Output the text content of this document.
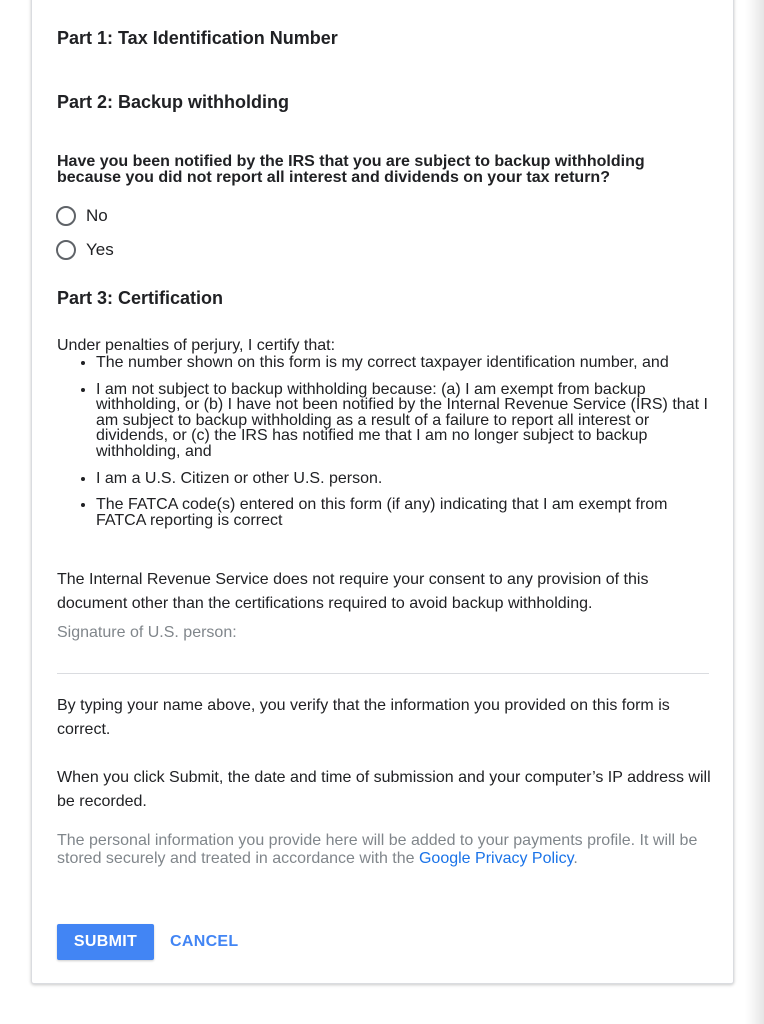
Part 1: Tax Identification Number
Part 2: Backup withholding
Have you been notified by the IRS that you are subject to backup withholding because you did not report all interest and dividends on your tax return?
No
Yes
Part 3: Certification
Under penalties of perjury, I certify that:
• The number shown on this form is my correct taxpayer identification number, and
• I am not subject to backup withholding because: (a) I am exempt from backup withholding, or (b) I have not been notified by the Internal Revenue Service (IRS) that I am subject to backup withholding as a result of a failure to report all interest or dividends, or (c) the IRS has notified me that I am no longer subject to backup withholding, and
• I am a U.S. Citizen or other U.S. person.
• The FATCA code(s) entered on this form (if any) indicating that I am exempt from FATCA reporting is correct
The Internal Revenue Service does not require your consent to any provision of this document other than the certifications required to avoid backup withholding.
Signature of U.S. person:
By typing your name above, you verify that the information you provided on this form is correct.
When you click Submit, the date and time of submission and your computer’s IP address will be recorded.
The personal information you provide here will be added to your payments profile. It will be stored securely and treated in accordance with the Google Privacy Policy.
SUBMIT	CANCEL
